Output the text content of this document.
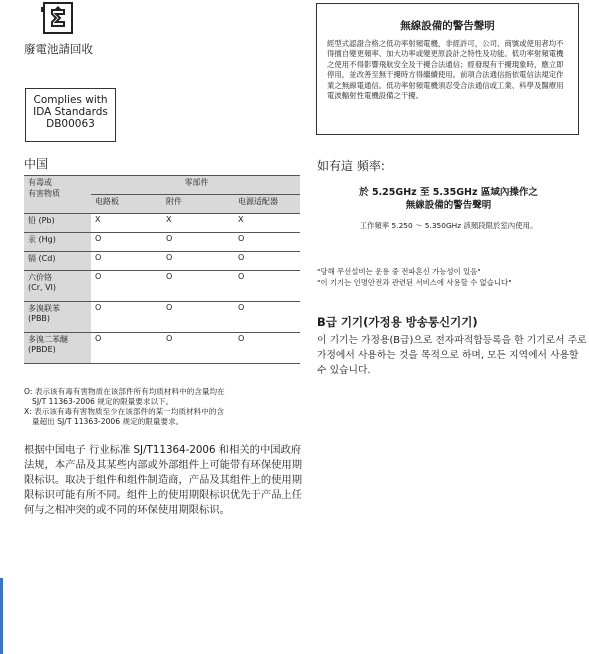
廢電池請回收
Complies with
IDA Standards
DB00063
中国
有毒或
有害物质	零部件		
	电路板	附件	电源适配器
铅 (Pb)	X	X	X
汞 (Hg)	O	O	O
镉 (Cd)	O	O	O

六价铬
(Cr, VI)	O	O	O

多溴联苯
(PBB)	O	O	O

多溴二苯醚
(PBDE)	O	O	O
O: 表示该有毒有害物质在该部件所有均质材料中的含量均在
SJ/T 11363-2006 规定的限量要求以下。
X: 表示该有毒有害物质至少在该部件的某一均质材料中的含
量超出 SJ/T 11363-2006 规定的限量要求。
根据中国电子 行业标准 SJ/T11364-2006 和相关的中国政府法规，本产品及其某些内部或外部组件上可能带有环保使用期限标识。取决于组件和组件制造商，产品及其组件上的使用期限标识可能有所不同。组件上的使用期限标识优先于产品上任何与之相冲突的或不同的环保使用期限标识。
無線設備的警告聲明
經型式認證合格之低功率射頻電機，非經許可，公司、商號或使用者均不得擅自變更頻率、加大功率或變更原設計之特性及功能。低功率射頻電機之使用不得影響飛航安全及干擾合法通信；經發現有干擾現象時，應立即停用，並改善至無干擾時方得繼續使用。前項合法通信指依電信法規定作業之無線電通信。低功率射頻電機須忍受合法通信或工業、科學及醫療用電波輻射性電機設備之干擾。
如有這 頻率:
於 5.25GHz 至 5.35GHz 區域內操作之
無線設備的警告聲明
工作頻率 5.250 ～ 5.350GHz 該頻段限於室內使用。
"당해 무선설비는 운용 중 전파혼신 가능성이 있음"
"이 기기는 인명안전과 관련된 서비스에 사용할 수 없습니다"
B급 기기(가정용 방송통신기기)
이 기기는 가정용(B급)으로 전자파적합등록을 한 기기로서 주로 가정에서 사용하는 것을 목적으로 하며, 모든 지역에서 사용할 수 있습니다.
